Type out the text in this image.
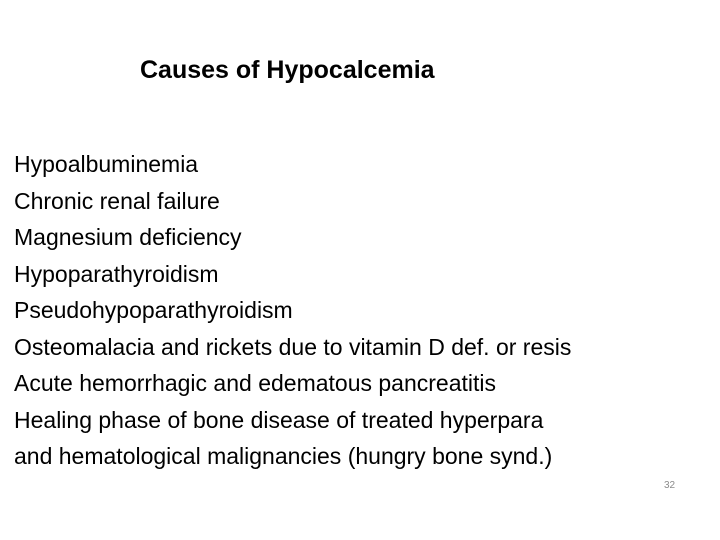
Causes of Hypocalcemia
Hypoalbuminemia
Chronic renal failure
Magnesium deficiency
Hypoparathyroidism
Pseudohypoparathyroidism
Osteomalacia and rickets due to vitamin D def. or resis
Acute hemorrhagic and edematous pancreatitis
Healing phase of bone disease of treated hyperpara
and hematological malignancies (hungry bone synd.)
32
